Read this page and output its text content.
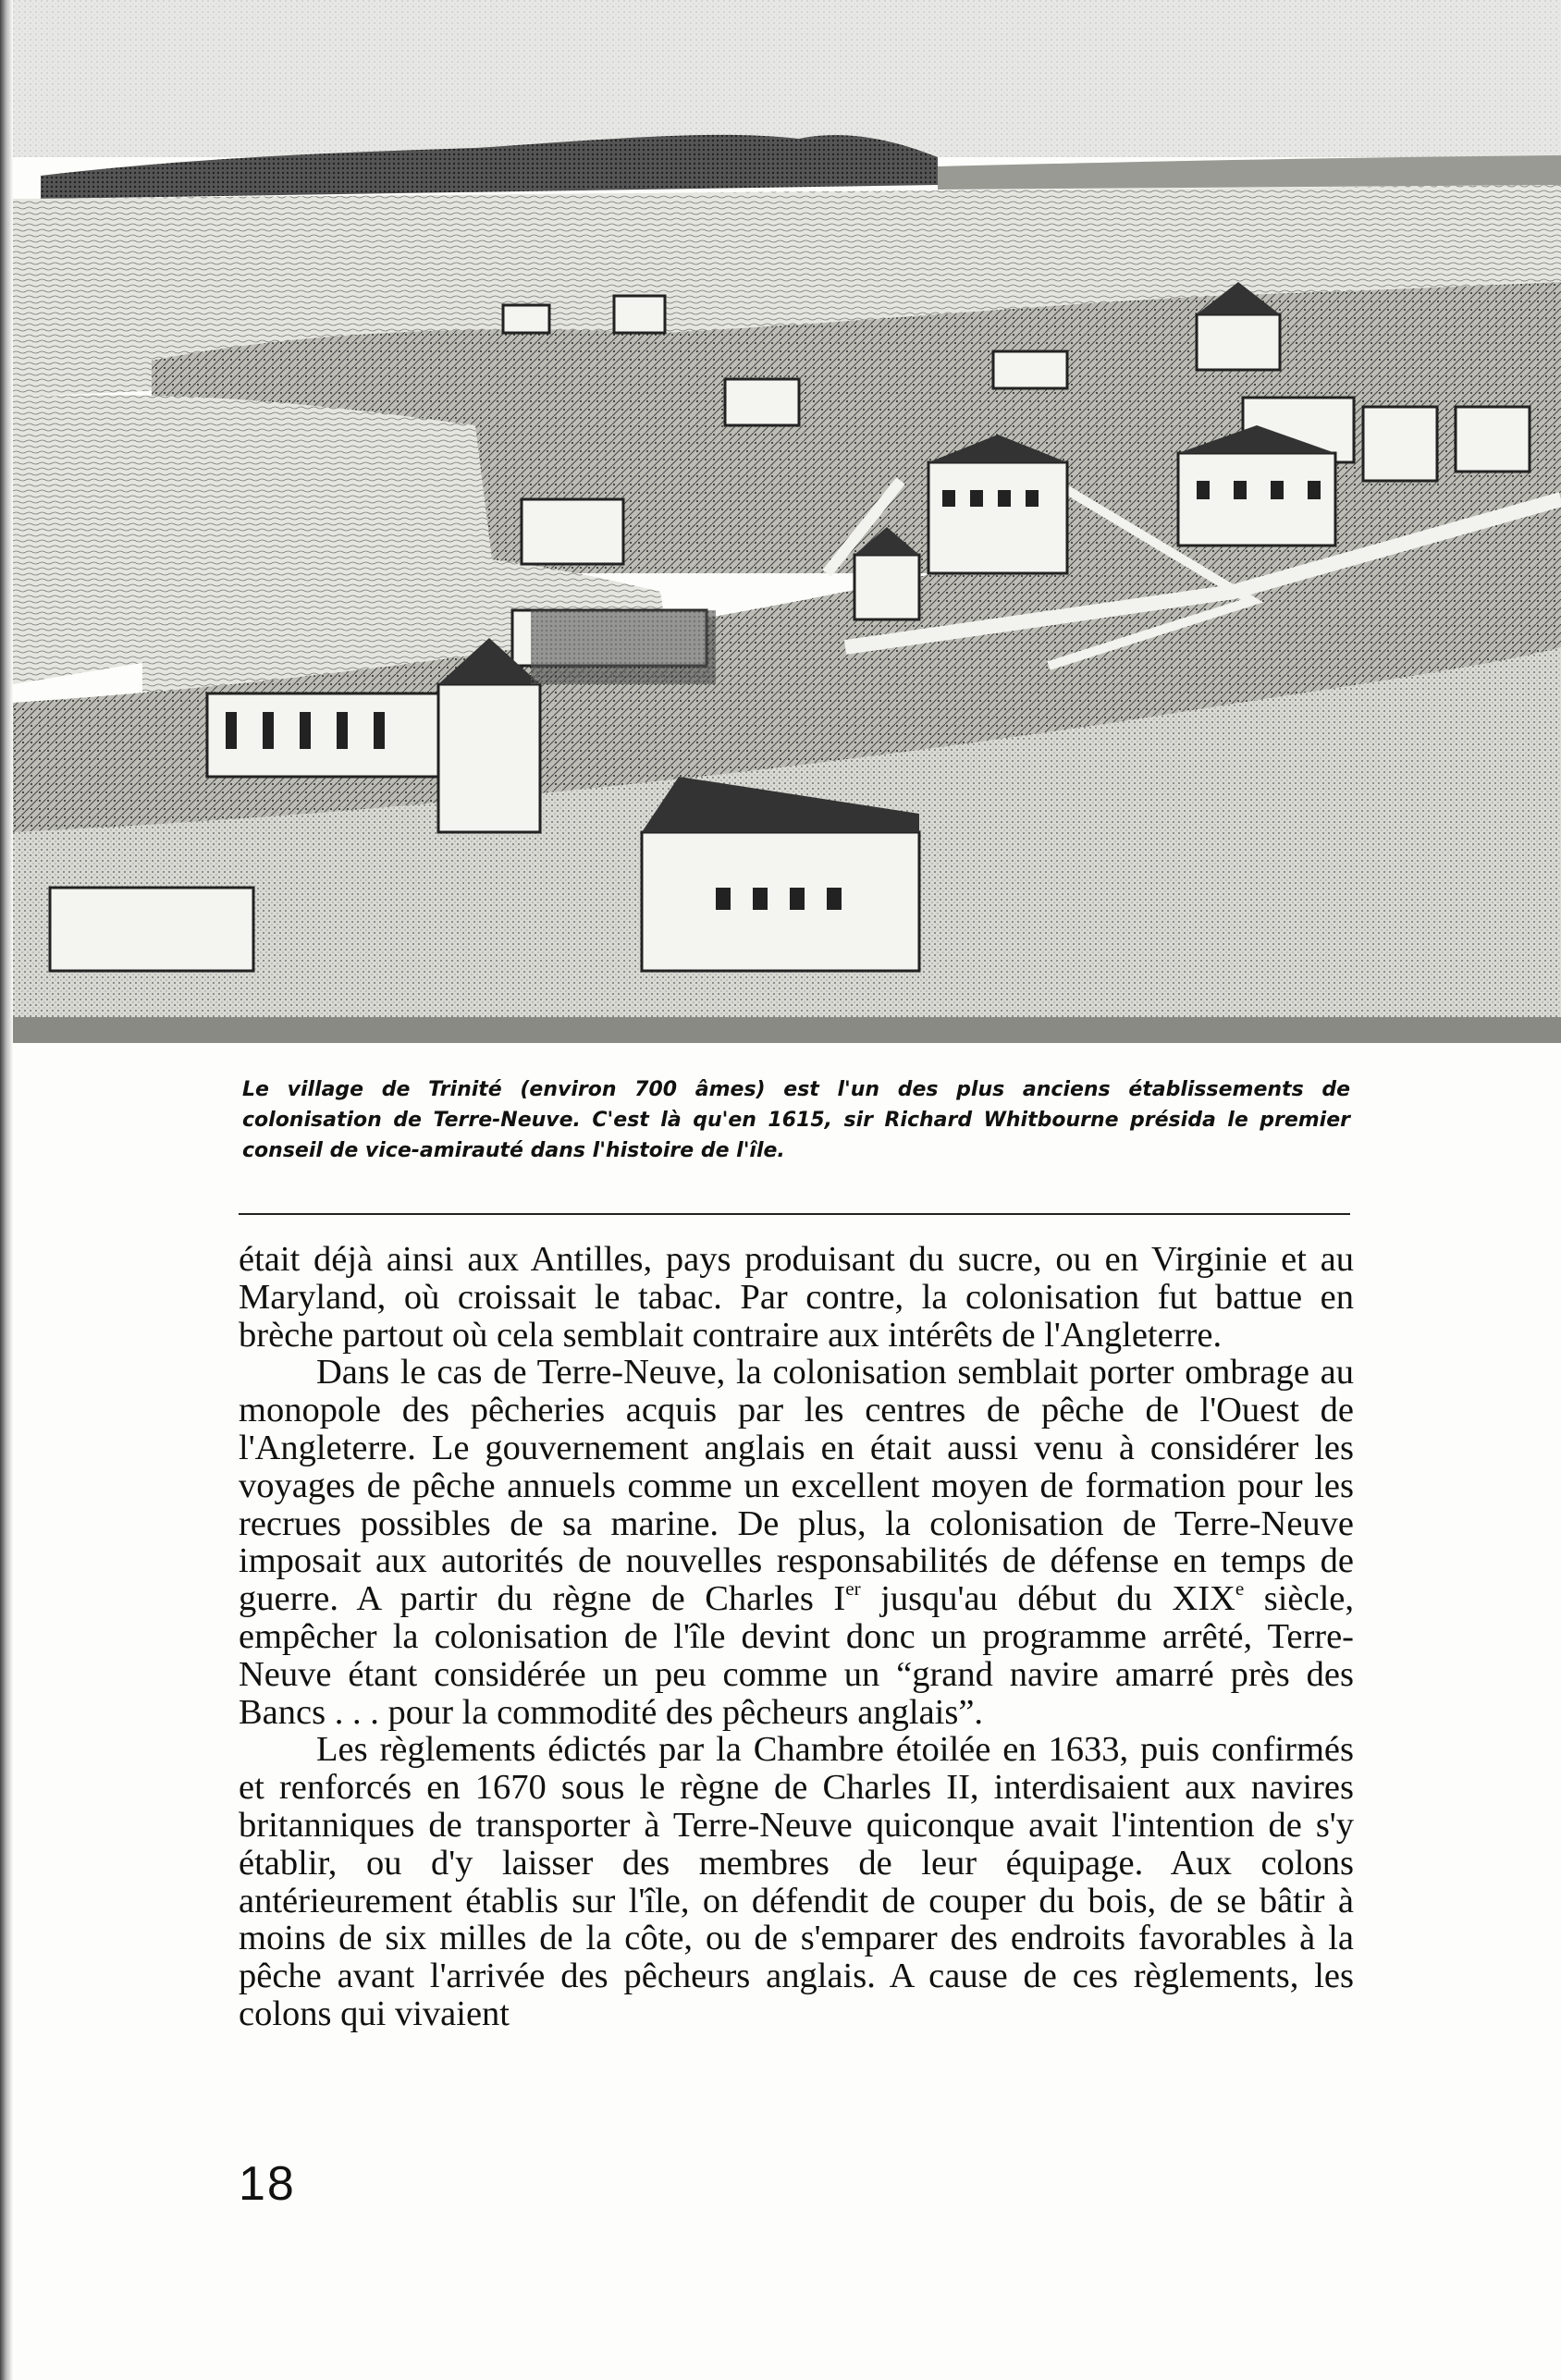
Le village de Trinité (environ 700 âmes) est l'un des plus anciens établissements de colonisation de Terre-Neuve. C'est là qu'en 1615, sir Richard Whitbourne présida le premier conseil de vice-amirauté dans l'histoire de l'île.

était déjà ainsi aux Antilles, pays produisant du sucre, ou en Virginie et au Maryland, où croissait le tabac. Par contre, la colonisation fut battue en brèche partout où cela semblait contraire aux intérêts de l'Angleterre.

Dans le cas de Terre-Neuve, la colonisation semblait porter ombrage au monopole des pêcheries acquis par les centres de pêche de l'Ouest de l'Angleterre. Le gouvernement anglais en était aussi venu à considérer les voyages de pêche annuels comme un excellent moyen de formation pour les recrues possibles de sa marine. De plus, la colonisation de Terre-Neuve imposait aux autorités de nouvelles responsabilités de défense en temps de guerre. A partir du règne de Charles Ier jusqu'au début du XIXe siècle, empêcher la colonisation de l'île devint donc un programme arrêté, Terre-Neuve étant considérée un peu comme un “grand navire amarré près des Bancs . . . pour la commodité des pêcheurs anglais”.

Les règlements édictés par la Chambre étoilée en 1633, puis confirmés et renforcés en 1670 sous le règne de Charles II, interdisaient aux navires britanniques de transporter à Terre-Neuve quiconque avait l'intention de s'y établir, ou d'y laisser des membres de leur équipage. Aux colons antérieurement établis sur l'île, on défendit de couper du bois, de se bâtir à moins de six milles de la côte, ou de s'emparer des endroits favorables à la pêche avant l'arrivée des pêcheurs anglais. A cause de ces règlements, les colons qui vivaient

18
